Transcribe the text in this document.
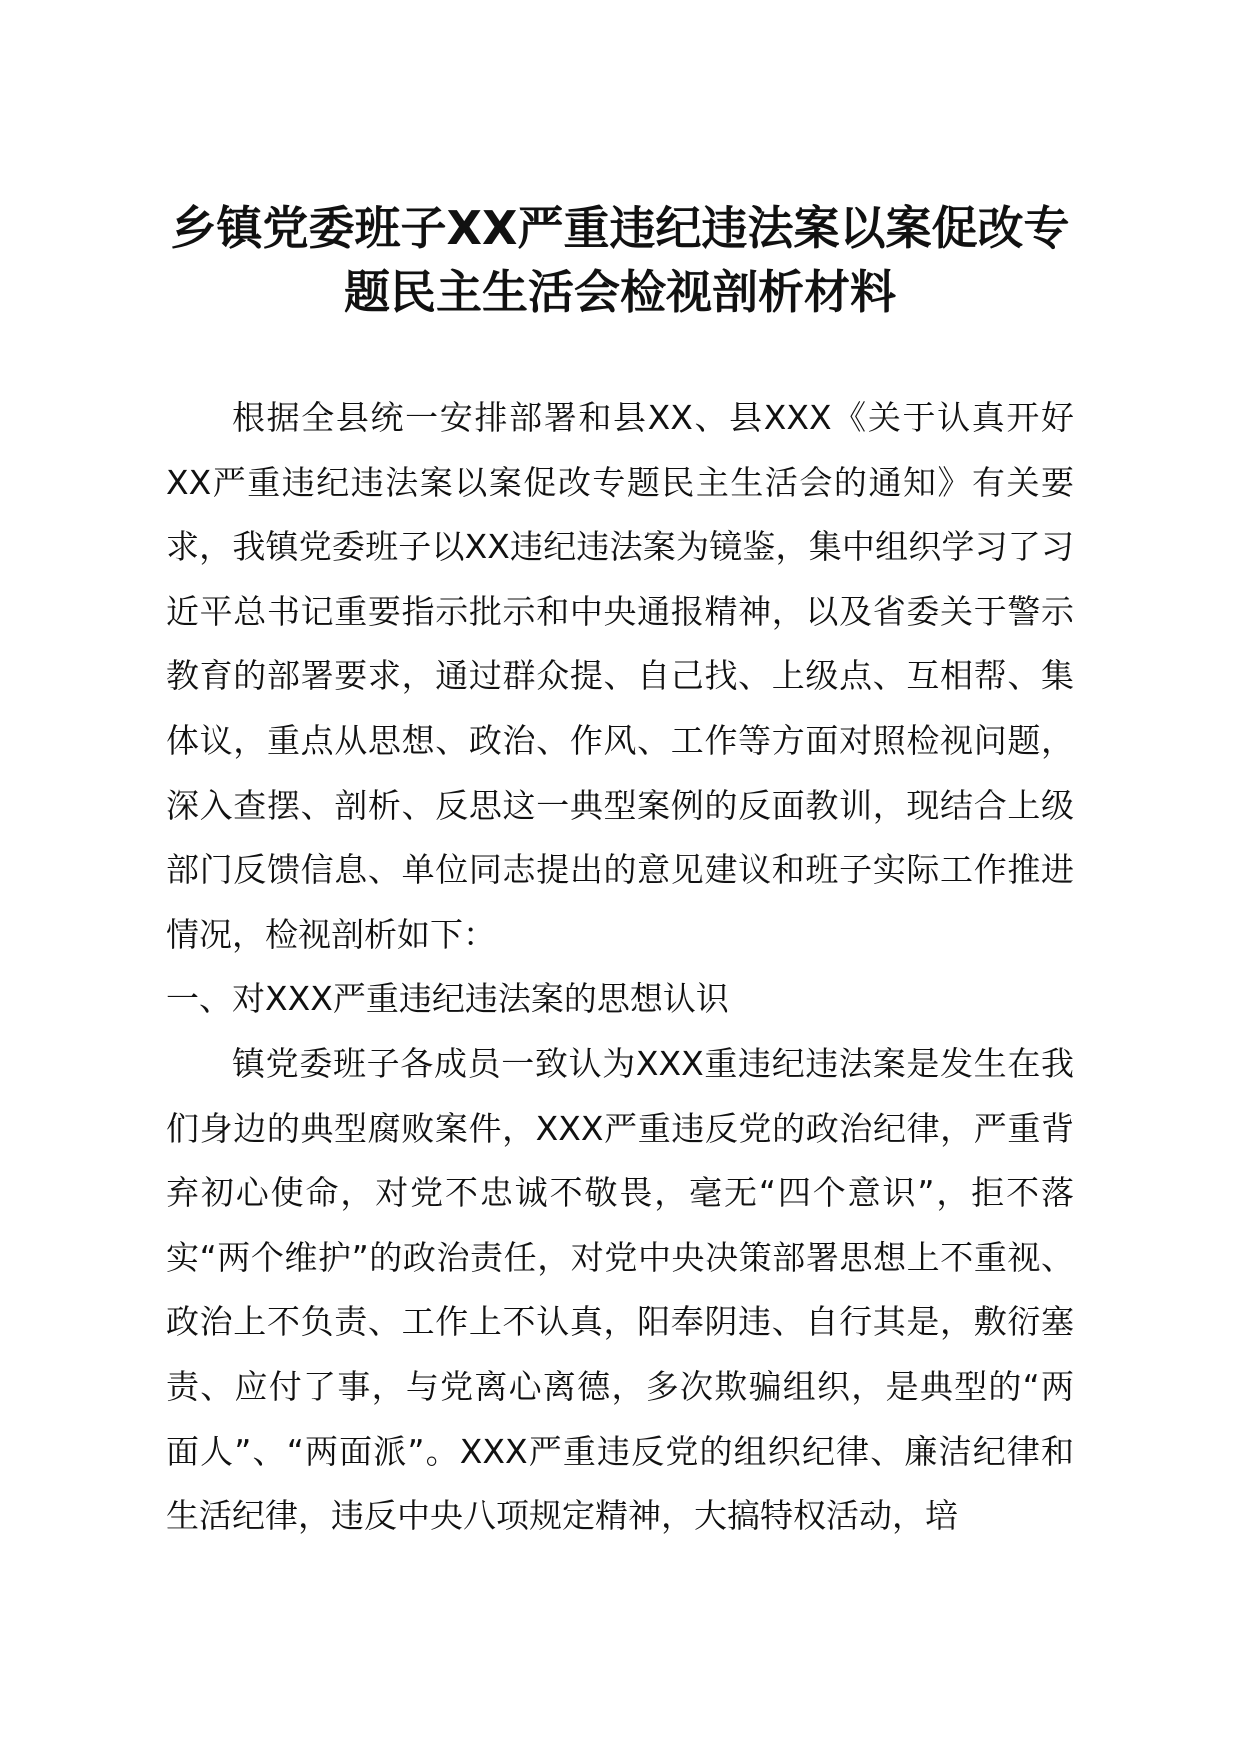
乡镇党委班子XX严重违纪违法案以案促改专
题民主生活会检视剖析材料

根据全县统一安排部署和县XX、县XXX《关于认真开好XX严重违纪违法案以案促改专题民主生活会的通知》有关要求，我镇党委班子以XX违纪违法案为镜鉴，集中组织学习了习近平总书记重要指示批示和中央通报精神，以及省委关于警示教育的部署要求，通过群众提、自己找、上级点、互相帮、集体议，重点从思想、政治、作风、工作等方面对照检视问题，深入查摆、剖析、反思这一典型案例的反面教训，现结合上级部门反馈信息、单位同志提出的意见建议和班子实际工作推进情况，检视剖析如下：

一、对XXX严重违纪违法案的思想认识

镇党委班子各成员一致认为XXX重违纪违法案是发生在我们身边的典型腐败案件，XXX严重违反党的政治纪律，严重背弃初心使命，对党不忠诚不敬畏，毫无“四个意识”，拒不落实“两个维护”的政治责任，对党中央决策部署思想上不重视、政治上不负责、工作上不认真，阳奉阴违、自行其是，敷衍塞责、应付了事，与党离心离德，多次欺骗组织，是典型的“两面人”、“两面派”。XXX严重违反党的组织纪律、廉洁纪律和生活纪律，违反中央八项规定精神，大搞特权活动，培
